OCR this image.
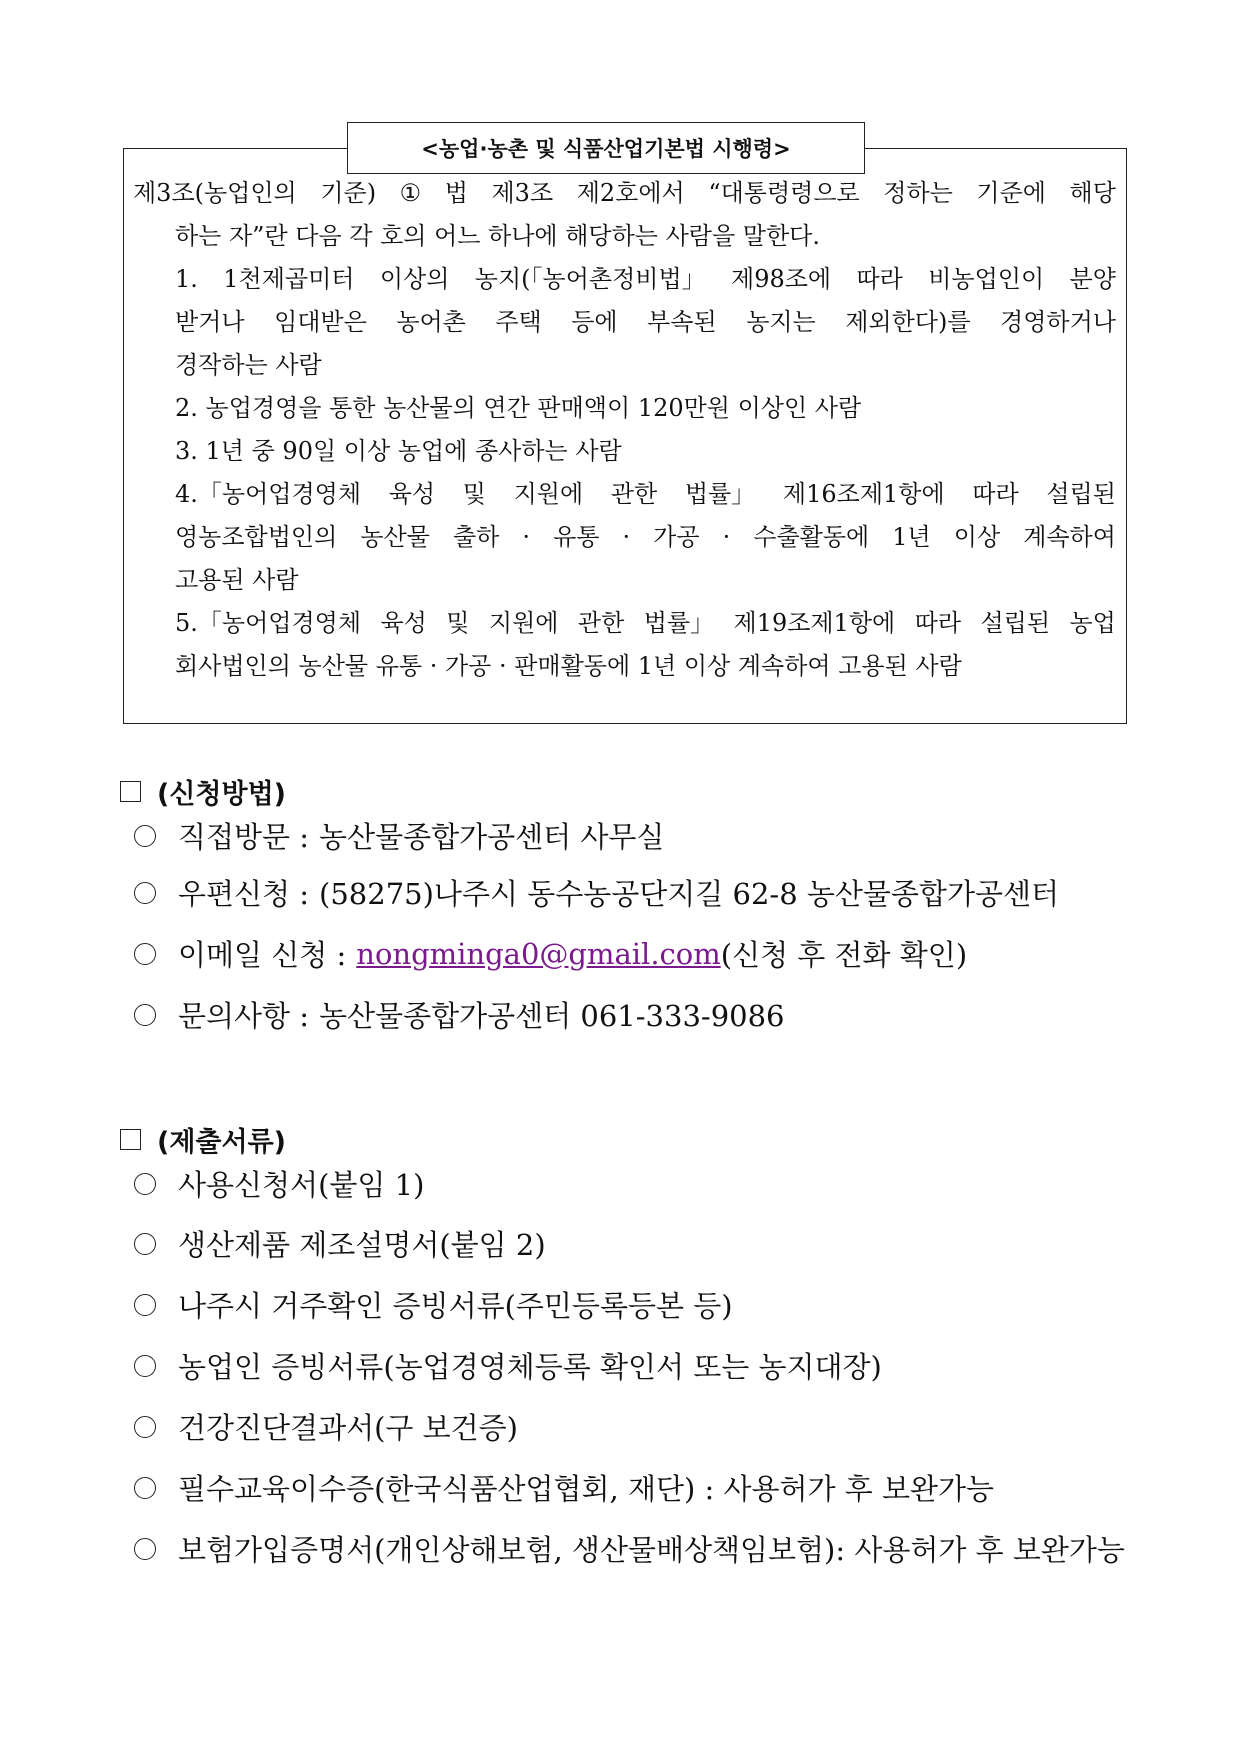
<농업·농촌 및 식품산업기본법 시행령>
제3조(농업인의 기준) ① 법 제3조 제2호에서 “대통령령으로 정하는 기준에 해당
하는 자”란 다음 각 호의 어느 하나에 해당하는 사람을 말한다.
1. 1천제곱미터 이상의 농지(「농어촌정비법」 제98조에 따라 비농업인이 분양
받거나 임대받은 농어촌 주택 등에 부속된 농지는 제외한다)를 경영하거나
경작하는 사람
2. 농업경영을 통한 농산물의 연간 판매액이 120만원 이상인 사람
3. 1년 중 90일 이상 농업에 종사하는 사람
4.「농어업경영체 육성 및 지원에 관한 법률」 제16조제1항에 따라 설립된
영농조합법인의 농산물 출하 · 유통 · 가공 · 수출활동에 1년 이상 계속하여
고용된 사람
5.「농어업경영체 육성 및 지원에 관한 법률」 제19조제1항에 따라 설립된 농업
회사법인의 농산물 유통 · 가공 · 판매활동에 1년 이상 계속하여 고용된 사람
(신청방법)
직접방문 : 농산물종합가공센터 사무실
우편신청 : (58275)나주시 동수농공단지길 62-8 농산물종합가공센터
이메일 신청 : nongminga0@gmail.com (신청 후 전화 확인)
문의사항 : 농산물종합가공센터 061-333-9086
(제출서류)
사용신청서(붙임 1)
생산제품 제조설명서(붙임 2)
나주시 거주확인 증빙서류(주민등록등본 등)
농업인 증빙서류(농업경영체등록 확인서 또는 농지대장)
건강진단결과서(구 보건증)
필수교육이수증(한국식품산업협회, 재단) : 사용허가 후 보완가능
보험가입증명서(개인상해보험, 생산물배상책임보험): 사용허가 후 보완가능
